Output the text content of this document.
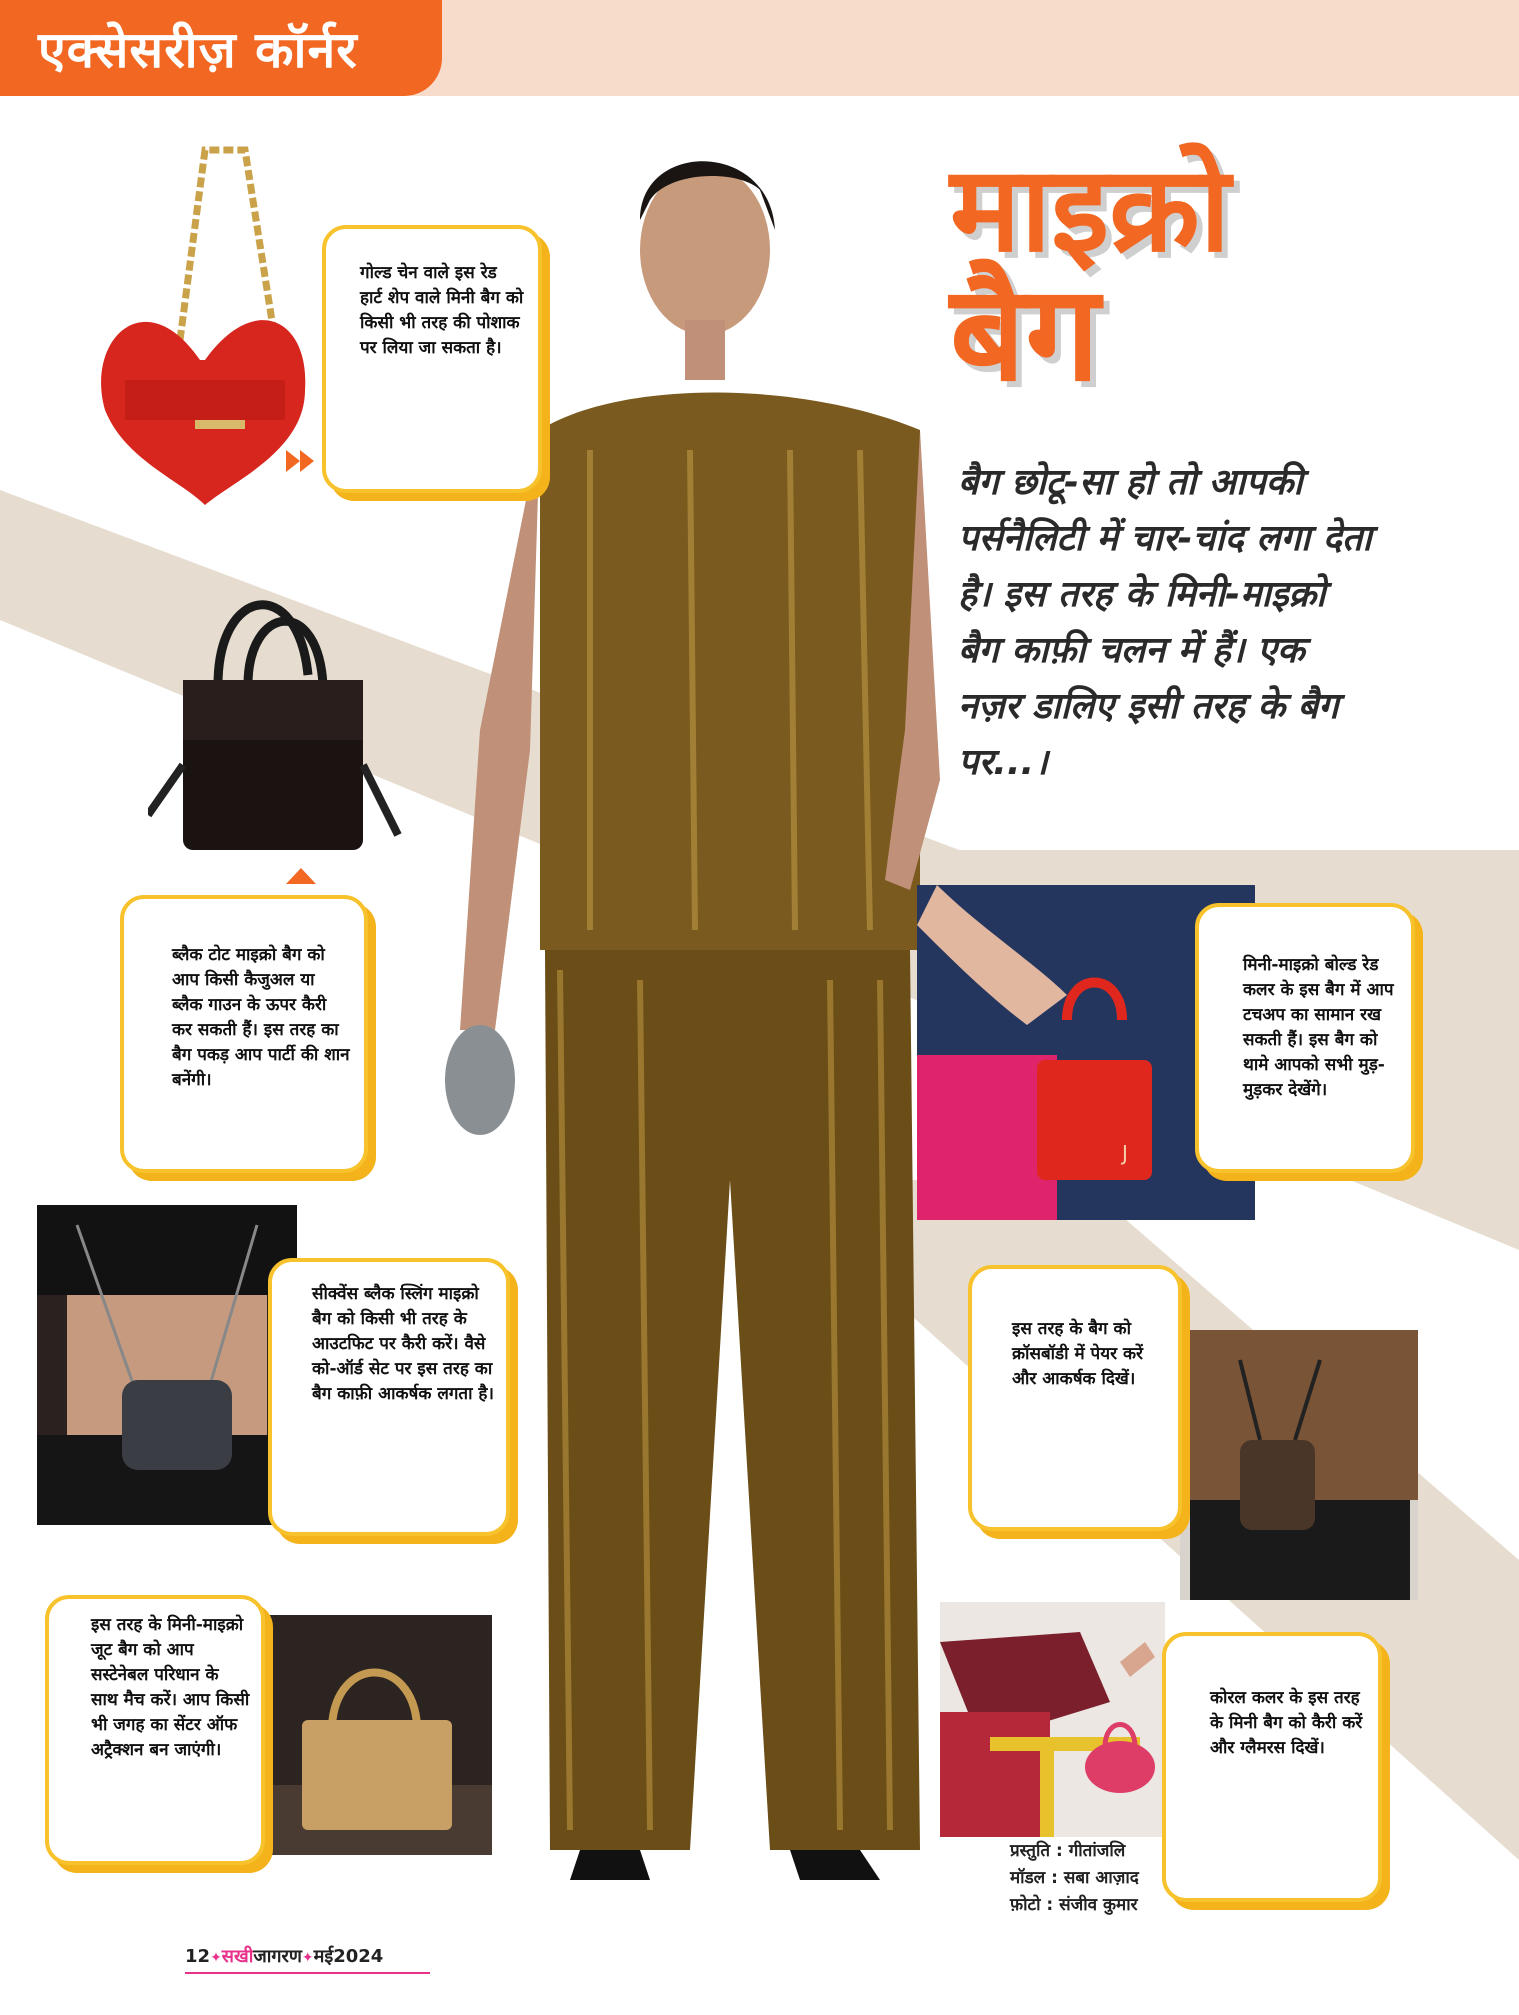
एक्सेसरीज़ कॉर्नर
J
माइक्रो
बैग
बैग छोटू-सा हो तो आपकी पर्सनैलिटी में चार-चांद लगा देता है। इस तरह के मिनी-माइक्रो बैग काफ़ी चलन में हैं। एक नज़र डालिए इसी तरह के बैग पर...।

गोल्ड चेन वाले इस रेड हार्ट शेप वाले मिनी बैग को किसी भी तरह की पोशाक पर लिया जा सकता है।

ब्लैक टोट माइक्रो बैग को आप किसी कैजुअल या ब्लैक गाउन के ऊपर कैरी कर सकती हैं। इस तरह का बैग पकड़ आप पार्टी की शान बनेंगी।

सीक्वेंस ब्लैक स्लिंग माइक्रो बैग को किसी भी तरह के आउटफिट पर कैरी करें। वैसे को-ऑर्ड सेट पर इस तरह का बैग काफ़ी आकर्षक लगता है।

इस तरह के मिनी-माइक्रो जूट बैग को आप सस्टेनेबल परिधान के साथ मैच करें। आप किसी भी जगह का सेंटर ऑफ अट्रैक्शन बन जाएंगी।

मिनी-माइक्रो बोल्ड रेड कलर के इस बैग में आप टचअप का सामान रख सकती हैं। इस बैग को थामे आपको सभी मुड़-मुड़कर देखेंगे।

इस तरह के बैग को क्रॉसबॉडी में पेयर करें और आकर्षक दिखें।

कोरल कलर के इस तरह के मिनी बैग को कैरी करें और ग्लैमरस दिखें।

प्रस्तुति : गीतांजलि
मॉडल : सबा आज़ाद
फ़ोटो : संजीव कुमार
12✦सखीजागरण✦मई2024
